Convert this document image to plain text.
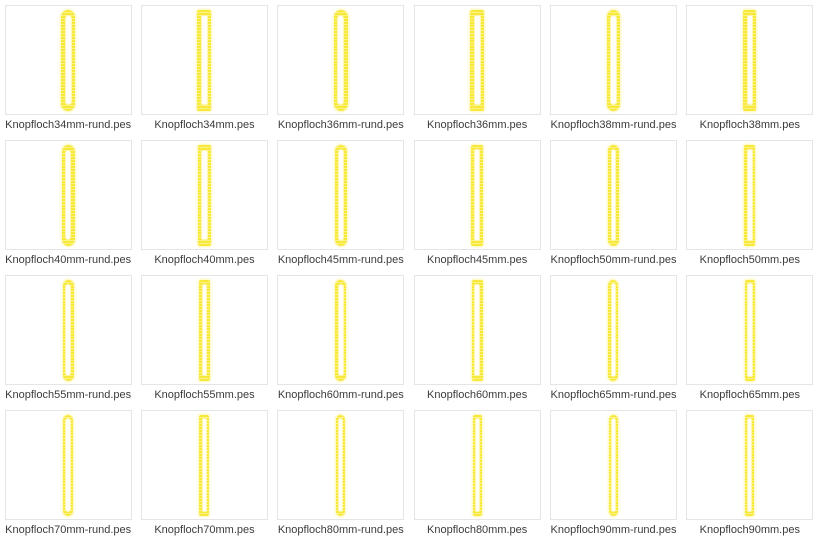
Knopfloch34mm-rund.pes Knopfloch34mm.pes Knopfloch36mm-rund.pes Knopfloch36mm.pes Knopfloch38mm-rund.pes Knopfloch38mm.pes
Knopfloch40mm-rund.pes Knopfloch40mm.pes Knopfloch45mm-rund.pes Knopfloch45mm.pes Knopfloch50mm-rund.pes Knopfloch50mm.pes
Knopfloch55mm-rund.pes Knopfloch55mm.pes Knopfloch60mm-rund.pes Knopfloch60mm.pes Knopfloch65mm-rund.pes Knopfloch65mm.pes
Knopfloch70mm-rund.pes Knopfloch70mm.pes Knopfloch80mm-rund.pes Knopfloch80mm.pes Knopfloch90mm-rund.pes Knopfloch90mm.pes
